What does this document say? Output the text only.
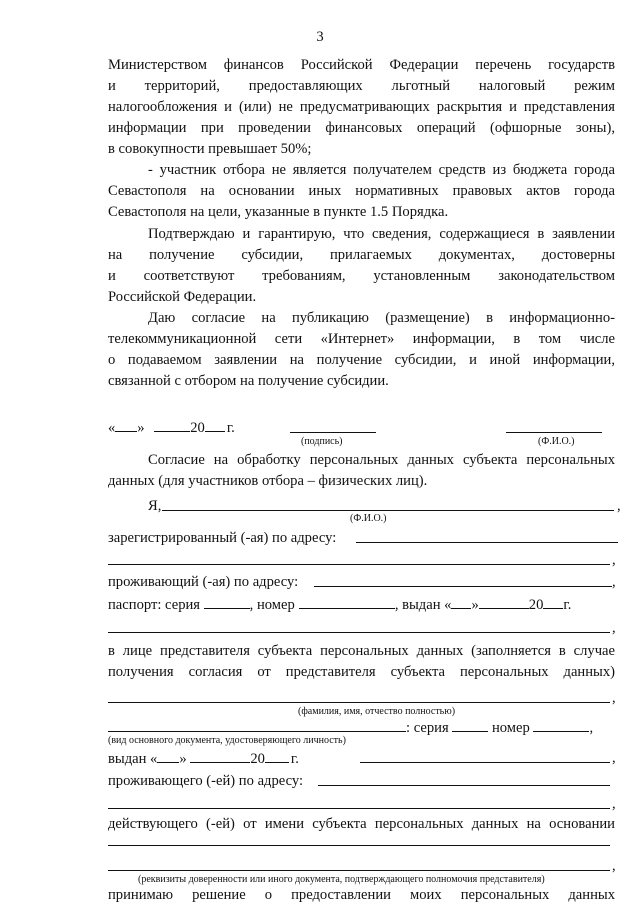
3
Министерством финансов Российской Федерации перечень государств
и территорий, предоставляющих льготный налоговый режим
налогообложения и (или) не предусматривающих раскрытия и представления
информации при проведении финансовых операций (офшорные зоны),
в совокупности превышает 50%;
- участник отбора не является получателем средств из бюджета города
Севастополя на основании иных нормативных правовых актов города
Севастополя на цели, указанные в пункте 1.5 Порядка.
Подтверждаю и гарантирую, что сведения, содержащиеся в заявлении
на получение субсидии, прилагаемых документах, достоверны
и соответствуют требованиям, установленным законодательством
Российской Федерации.
Даю согласие на публикацию (размещение) в информационно-
телекоммуникационной сети «Интернет» информации, в том числе
о подаваемом заявлении на получение субсидии, и иной информации,
связанной с отбором на получение субсидии.
« »	20 г.
(подпись)	(Ф.И.О.)
Согласие на обработку персональных данных субъекта персональных
данных (для участников отбора – физических лиц).
Я,	,
(Ф.И.О.)
зарегистрированный (-ая) по адресу:
,
проживающий (-ая) по адресу:	,
паспорт: серия	, номер	, выдан « »	20 г.
,
в лице представителя субъекта персональных данных (заполняется в случае
получения согласия от представителя субъекта персональных данных)
,
(фамилия, имя, отчество полностью)
: серия	номер	,
(вид основного документа, удостоверяющего личность)
выдан « »	20 г.	,
проживающего (-ей) по адресу:
,
действующего (-ей) от имени субъекта персональных данных на основании
,
(реквизиты доверенности или иного документа, подтверждающего полномочия представителя)
принимаю решение о предоставлении моих персональных данных
